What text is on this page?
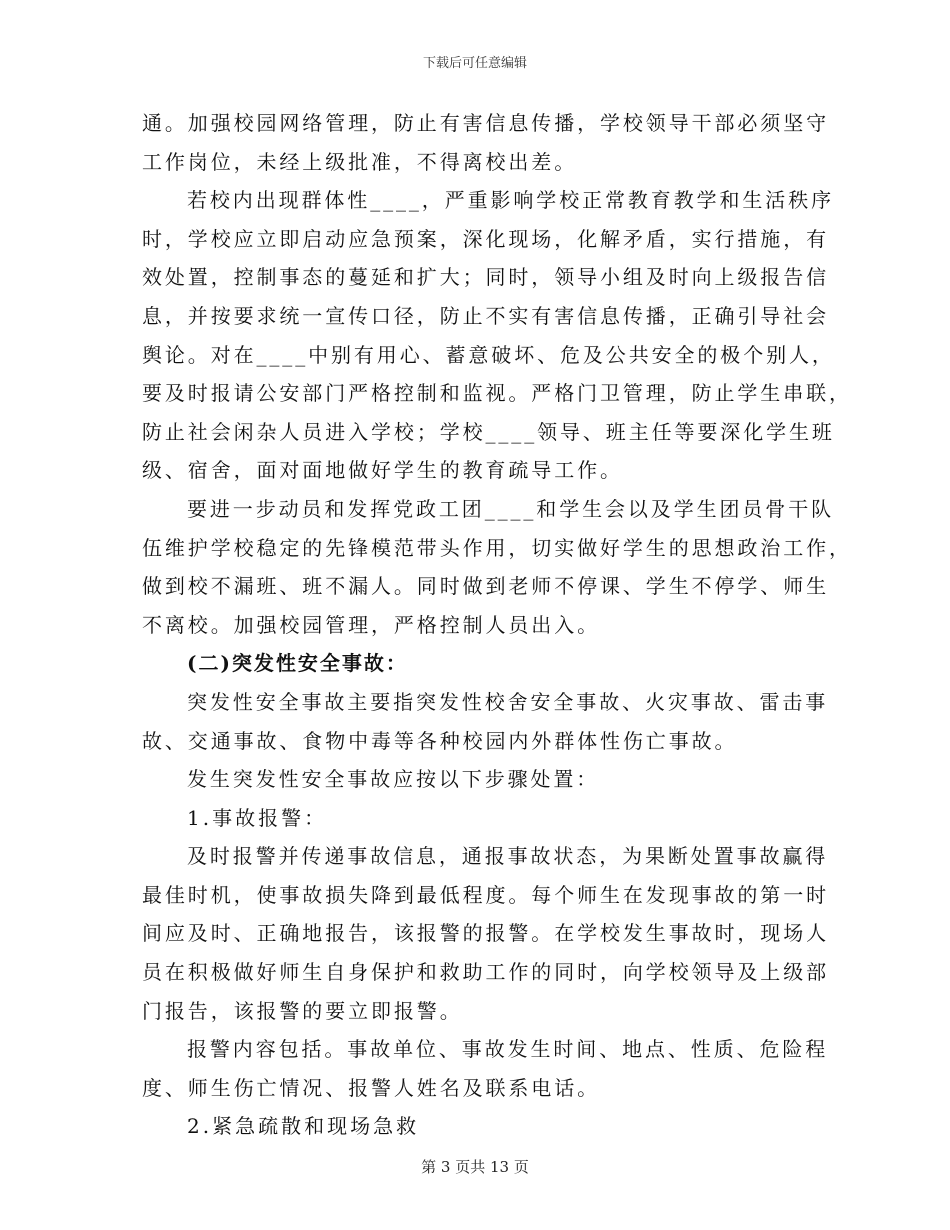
下载后可任意编辑
通。加强校园网络管理，防止有害信息传播，学校领导干部必须坚守
工作岗位，未经上级批准，不得离校出差。
若校内出现群体性____，严重影响学校正常教育教学和生活秩序
时，学校应立即启动应急预案，深化现场，化解矛盾，实行措施，有
效处置，控制事态的蔓延和扩大；同时，领导小组及时向上级报告信
息，并按要求统一宣传口径，防止不实有害信息传播，正确引导社会
舆论。对在____中别有用心、蓄意破坏、危及公共安全的极个别人，
要及时报请公安部门严格控制和监视。严格门卫管理，防止学生串联，
防止社会闲杂人员进入学校；学校____领导、班主任等要深化学生班
级、宿舍，面对面地做好学生的教育疏导工作。
要进一步动员和发挥党政工团____和学生会以及学生团员骨干队
伍维护学校稳定的先锋模范带头作用，切实做好学生的思想政治工作，
做到校不漏班、班不漏人。同时做到老师不停课、学生不停学、师生
不离校。加强校园管理，严格控制人员出入。
(二)突发性安全事故：
突发性安全事故主要指突发性校舍安全事故、火灾事故、雷击事
故、交通事故、食物中毒等各种校园内外群体性伤亡事故。
发生突发性安全事故应按以下步骤处置：
1.事故报警：
及时报警并传递事故信息，通报事故状态，为果断处置事故赢得
最佳时机，使事故损失降到最低程度。每个师生在发现事故的第一时
间应及时、正确地报告，该报警的报警。在学校发生事故时，现场人
员在积极做好师生自身保护和救助工作的同时，向学校领导及上级部
门报告，该报警的要立即报警。
报警内容包括。事故单位、事故发生时间、地点、性质、危险程
度、师生伤亡情况、报警人姓名及联系电话。
2.紧急疏散和现场急救
第 3 页共 13 页
